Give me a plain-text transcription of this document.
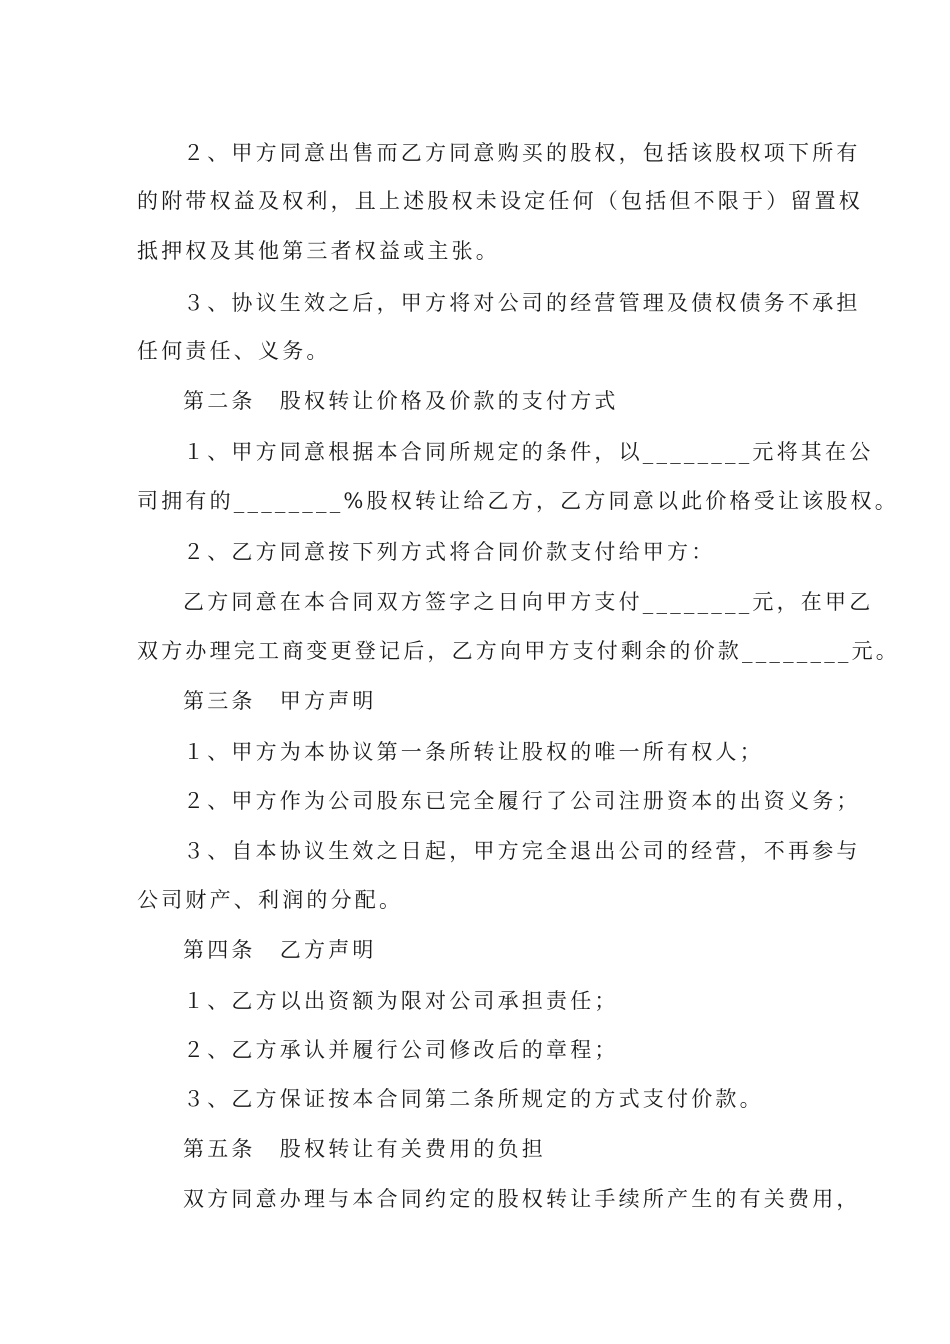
２、甲方同意出售而乙方同意购买的股权，包括该股权项下所有
的附带权益及权利，且上述股权未设定任何（包括但不限于）留置权
抵押权及其他第三者权益或主张。
３、协议生效之后，甲方将对公司的经营管理及债权债务不承担
任何责任、义务。
第二条　股权转让价格及价款的支付方式
１、甲方同意根据本合同所规定的条件，以________元将其在公
司拥有的________%股权转让给乙方，乙方同意以此价格受让该股权。
２、乙方同意按下列方式将合同价款支付给甲方：
乙方同意在本合同双方签字之日向甲方支付________元，在甲乙
双方办理完工商变更登记后，乙方向甲方支付剩余的价款________元。
第三条　甲方声明
１、甲方为本协议第一条所转让股权的唯一所有权人；
２、甲方作为公司股东已完全履行了公司注册资本的出资义务；
３、自本协议生效之日起，甲方完全退出公司的经营，不再参与
公司财产、利润的分配。
第四条　乙方声明
１、乙方以出资额为限对公司承担责任；
２、乙方承认并履行公司修改后的章程；
３、乙方保证按本合同第二条所规定的方式支付价款。
第五条　股权转让有关费用的负担
双方同意办理与本合同约定的股权转让手续所产生的有关费用，
